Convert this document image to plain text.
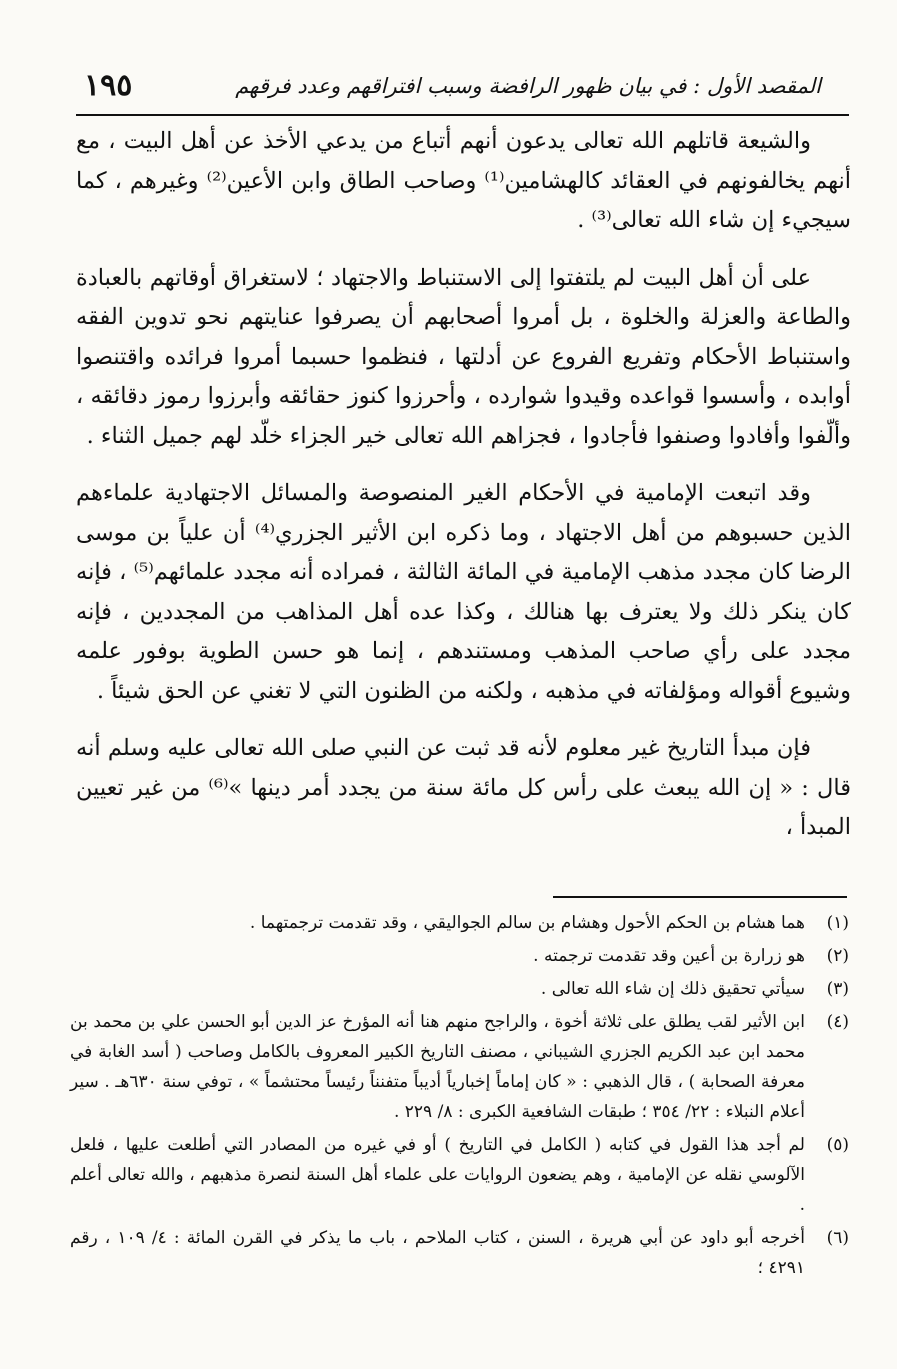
المقصد الأول : في بيان ظهور الرافضة وسبب افتراقهم وعدد فرقهم
١٩٥

والشيعة قاتلهم الله تعالى يدعون أنهم أتباع من يدعي الأخذ عن أهل البيت ، مع أنهم يخالفونهم في العقائد كالهشامين⁽¹⁾ وصاحب الطاق وابن الأعين⁽²⁾ وغيرهم ، كما سيجيء إن شاء الله تعالى⁽³⁾ .

على أن أهل البيت لم يلتفتوا إلى الاستنباط والاجتهاد ؛ لاستغراق أوقاتهم بالعبادة والطاعة والعزلة والخلوة ، بل أمروا أصحابهم أن يصرفوا عنايتهم نحو تدوين الفقه واستنباط الأحكام وتفريع الفروع عن أدلتها ، فنظموا حسبما أمروا فرائده واقتنصوا أوابده ، وأسسوا قواعده وقيدوا شوارده ، وأحرزوا كنوز حقائقه وأبرزوا رموز دقائقه ، وألّفوا وأفادوا وصنفوا فأجادوا ، فجزاهم الله تعالى خير الجزاء خلّد لهم جميل الثناء .

وقد اتبعت الإمامية في الأحكام الغير المنصوصة والمسائل الاجتهادية علماءهم الذين حسبوهم من أهل الاجتهاد ، وما ذكره ابن الأثير الجزري⁽⁴⁾ أن علياً بن موسى الرضا كان مجدد مذهب الإمامية في المائة الثالثة ، فمراده أنه مجدد علمائهم⁽⁵⁾ ، فإنه كان ينكر ذلك ولا يعترف بها هنالك ، وكذا عده أهل المذاهب من المجددين ، فإنه مجدد على رأي صاحب المذهب ومستندهم ، إنما هو حسن الطوية بوفور علمه وشيوع أقواله ومؤلفاته في مذهبه ، ولكنه من الظنون التي لا تغني عن الحق شيئاً .

فإن مبدأ التاريخ غير معلوم لأنه قد ثبت عن النبي صلى الله تعالى عليه وسلم أنه قال : « إن الله يبعث على رأس كل مائة سنة من يجدد أمر دينها »⁽⁶⁾ من غير تعيين المبدأ ،

(١)
هما هشام بن الحكم الأحول وهشام بن سالم الجواليقي ، وقد تقدمت ترجمتهما .
(٢)
هو زرارة بن أعين وقد تقدمت ترجمته .
(٣)
سيأتي تحقيق ذلك إن شاء الله تعالى .
(٤)
ابن الأثير لقب يطلق على ثلاثة أخوة ، والراجح منهم هنا أنه المؤرخ عز الدين أبو الحسن علي بن محمد بن محمد ابن عبد الكريم الجزري الشيباني ، مصنف التاريخ الكبير المعروف بالكامل وصاحب ( أسد الغابة في معرفة الصحابة ) ، قال الذهبي : « كان إماماً إخبارياً أديباً متفنناً رئيساً محتشماً » ، توفي سنة ٦٣٠هـ . سير أعلام النبلاء : ٢٢/ ٣٥٤ ؛ طبقات الشافعية الكبرى : ٨/ ٢٢٩ .
(٥)
لم أجد هذا القول في كتابه ( الكامل في التاريخ ) أو في غيره من المصادر التي أطلعت عليها ، فلعل الآلوسي نقله عن الإمامية ، وهم يضعون الروايات على علماء أهل السنة لنصرة مذهبهم ، والله تعالى أعلم .
(٦)
أخرجه أبو داود عن أبي هريرة ، السنن ، كتاب الملاحم ، باب ما يذكر في القرن المائة : ٤/ ١٠٩ ، رقم ٤٢٩١ ؛
